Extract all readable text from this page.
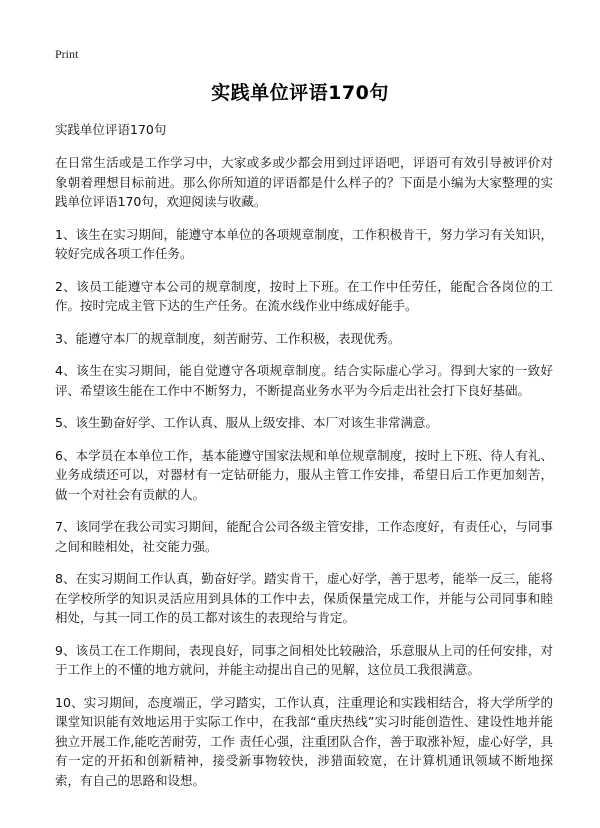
Print
实践单位评语170句

实践单位评语170句

在日常生活或是工作学习中，大家或多或少都会用到过评语吧，评语可有效引导被评价对象朝着理想目标前进。那么你所知道的评语都是什么样子的？下面是小编为大家整理的实践单位评语170句，欢迎阅读与收藏。

1、该生在实习期间，能遵守本单位的各项规章制度，工作积极肯干，努力学习有关知识，较好完成各项工作任务。

2、该员工能遵守本公司的规章制度，按时上下班。在工作中任劳任，能配合各岗位的工作。按时完成主管下达的生产任务。在流水线作业中练成好能手。

3、能遵守本厂的规章制度，刻苦耐劳、工作积极，表现优秀。

4、该生在实习期间，能自觉遵守各项规章制度。结合实际虚心学习。得到大家的一致好评、希望该生能在工作中不断努力，不断提高业务水平为今后走出社会打下良好基础。

5、该生勤奋好学、工作认真、服从上级安排、本厂对该生非常满意。

6、本学员在本单位工作，基本能遵守国家法规和单位规章制度，按时上下班、待人有礼、业务成绩还可以，对器材有一定钻研能力，服从主管工作安排，希望日后工作更加刻苦，做一个对社会有贡献的人。

7、该同学在我公司实习期间，能配合公司各级主管安排，工作态度好，有责任心，与同事之间和睦相处，社交能力强。

8、在实习期间工作认真，勤奋好学。踏实肯干，虚心好学，善于思考，能举一反三，能将在学校所学的知识灵活应用到具体的工作中去，保质保量完成工作，并能与公司同事和睦相处，与其一同工作的员工都对该生的表现给与肯定。

9、该员工在工作期间，表现良好，同事之间相处比较融洽，乐意服从上司的任何安排，对于工作上的不懂的地方就问，并能主动提出自己的见解，这位员工我很满意。

10、实习期间，态度端正，学习踏实，工作认真，注重理论和实践相结合，将大学所学的课堂知识能有效地运用于实际工作中，在我部“重庆热线”实习时能创造性、建设性地并能独立开展工作,能吃苦耐劳，工作 责任心强，注重团队合作，善于取涨补短，虚心好学，具有一定的开拓和创新精神，接受新事物较快，涉猎面较宽，在计算机通讯领域不断地探索，有自己的思路和设想。
